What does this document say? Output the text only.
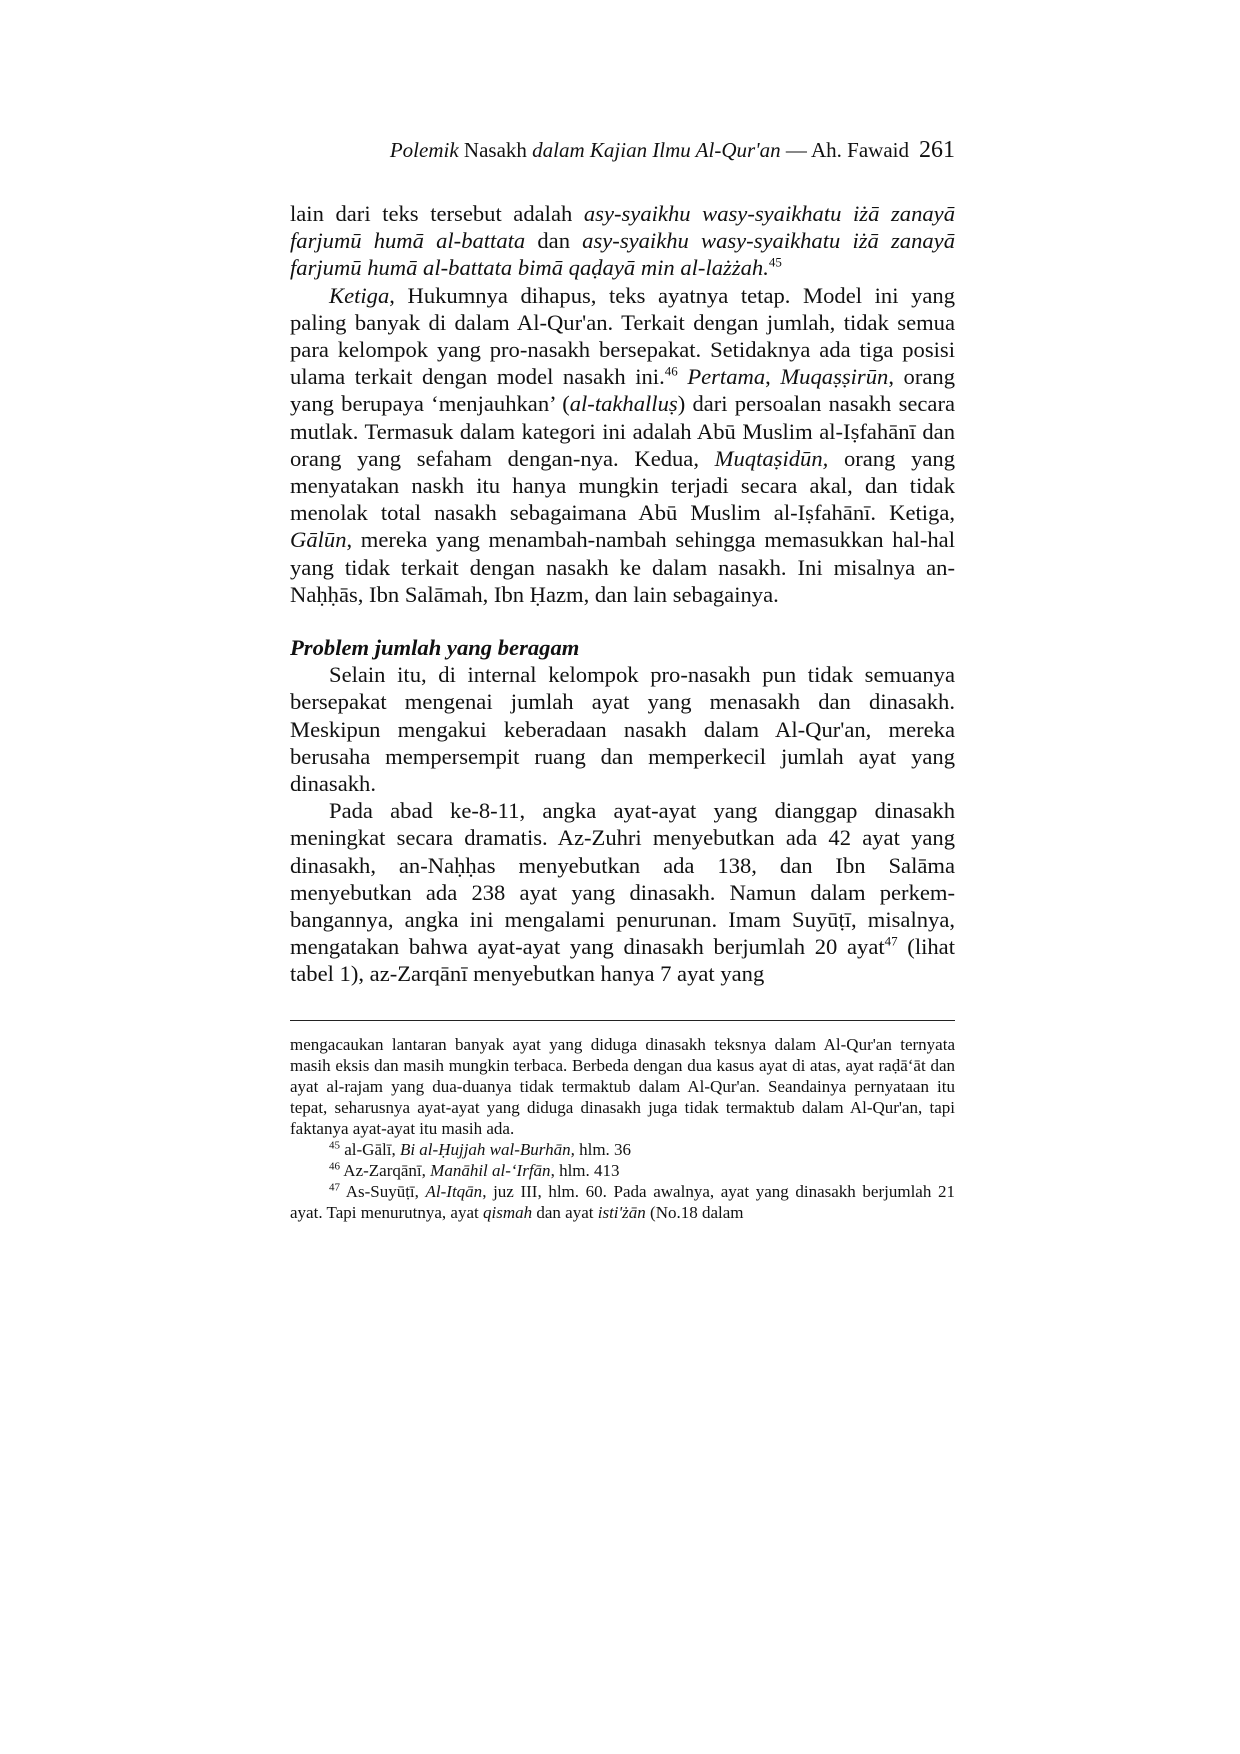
Polemik Nasakh dalam Kajian Ilmu Al-Qur'an — Ah. Fawaid 261

lain dari teks tersebut adalah asy-syaikhu wasy-syaikhatu iżā zanayā farjumū humā al-battata dan asy-syaikhu wasy-syaikhatu iżā zanayā farjumū humā al-battata bimā qaḍayā min al-lażżah.$^{45}$

Ketiga, Hukumnya dihapus, teks ayatnya tetap. Model ini yang paling banyak di dalam Al-Qur'an. Terkait dengan jumlah, tidak semua para kelompok yang pro-nasakh bersepakat. Setidaknya ada tiga posisi ulama terkait dengan model nasakh ini.$^{46}$ Pertama, Muqaṣṣirūn, orang yang berupaya ‘menjauhkan’ (al-takhalluṣ) dari persoalan nasakh secara mutlak. Termasuk dalam kategori ini adalah Abū Muslim al-Iṣfahānī dan orang yang sefaham dengan-nya. Kedua, Muqtaṣidūn, orang yang menyatakan naskh itu hanya mungkin terjadi secara akal, dan tidak menolak total nasakh sebagaimana Abū Muslim al-Iṣfahānī. Ketiga, Gālūn, mereka yang menambah-nambah sehingga memasukkan hal-hal yang tidak terkait dengan nasakh ke dalam nasakh. Ini misalnya an-Naḥḥās, Ibn Salāmah, Ibn Ḥazm, dan lain sebagainya.

Problem jumlah yang beragam

Selain itu, di internal kelompok pro-nasakh pun tidak semuanya bersepakat mengenai jumlah ayat yang menasakh dan dinasakh. Meskipun mengakui keberadaan nasakh dalam Al-Qur'an, mereka berusaha mempersempit ruang dan memperkecil jumlah ayat yang dinasakh.

Pada abad ke-8-11, angka ayat-ayat yang dianggap dinasakh meningkat secara dramatis. Az-Zuhri menyebutkan ada 42 ayat yang dinasakh, an-Naḥḥas menyebutkan ada 138, dan Ibn Salāma menyebutkan ada 238 ayat yang dinasakh. Namun dalam perkem-bangannya, angka ini mengalami penurunan. Imam Suyūṭī, misalnya, mengatakan bahwa ayat-ayat yang dinasakh berjumlah 20 ayat$^{47}$ (lihat tabel 1), az-Zarqānī menyebutkan hanya 7 ayat yang

mengacaukan lantaran banyak ayat yang diduga dinasakh teksnya dalam Al-Qur'an ternyata masih eksis dan masih mungkin terbaca. Berbeda dengan dua kasus ayat di atas, ayat raḍā‘āt dan ayat al-rajam yang dua-duanya tidak termaktub dalam Al-Qur'an. Seandainya pernyataan itu tepat, seharusnya ayat-ayat yang diduga dinasakh juga tidak termaktub dalam Al-Qur'an, tapi faktanya ayat-ayat itu masih ada.

$^{45}$ al-Gālī, Bi al-Ḥujjah wal-Burhān, hlm. 36

$^{46}$ Az-Zarqānī, Manāhil al-‘Irfān, hlm. 413

$^{47}$ As-Suyūṭī, Al-Itqān, juz III, hlm. 60. Pada awalnya, ayat yang dinasakh berjumlah 21 ayat. Tapi menurutnya, ayat qismah dan ayat isti'żān (No.18 dalam
